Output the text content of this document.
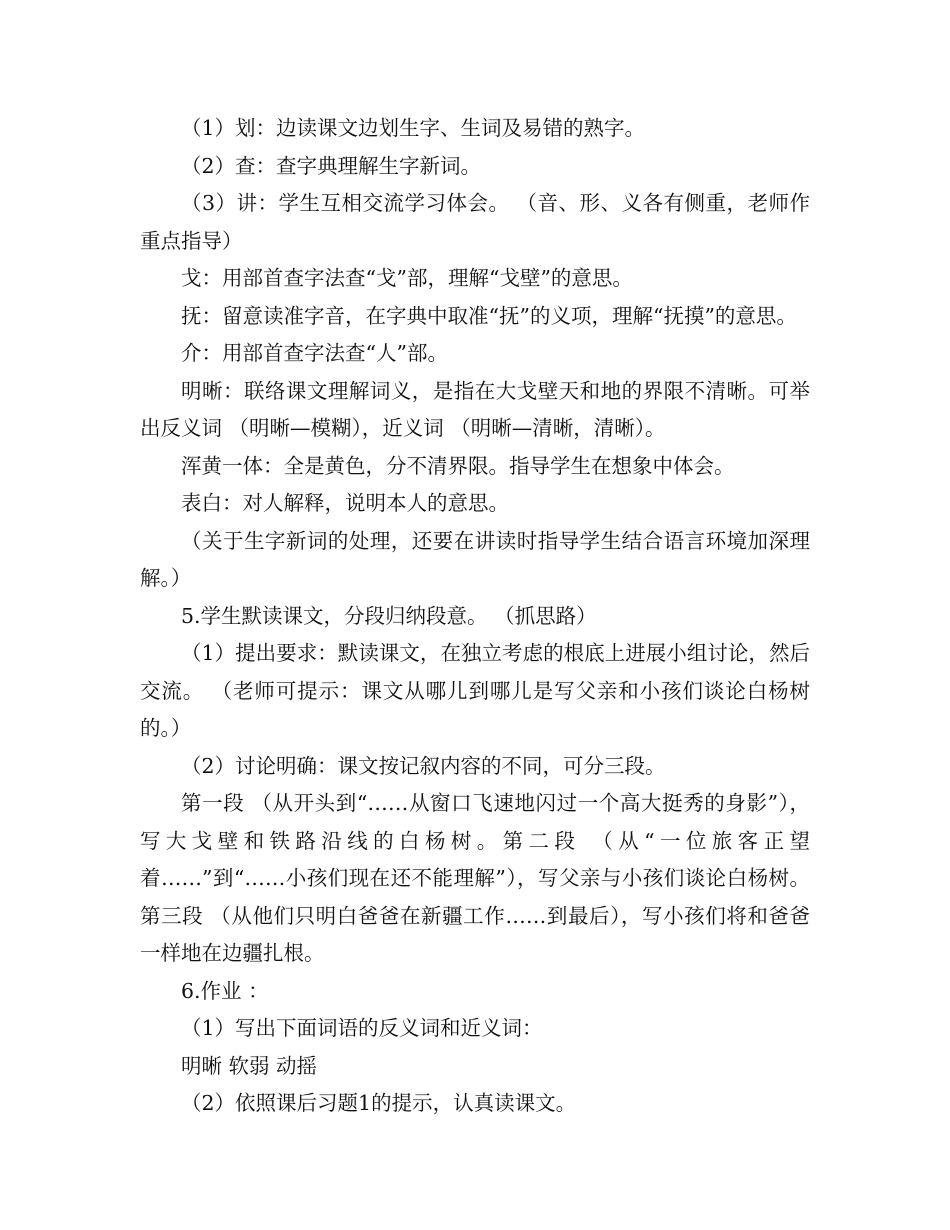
（1）划：边读课文边划生字、生词及易错的熟字。

（2）查：查字典理解生字新词。

（3）讲：学生互相交流学习体会。 （音、形、义各有侧重，老师作重点指导）

戈：用部首查字法查“戈”部，理解“戈壁”的意思。

抚：留意读准字音，在字典中取准“抚”的义项，理解“抚摸”的意思。

介：用部首查字法查“人”部。

明晰：联络课文理解词义，是指在大戈壁天和地的界限不清晰。可举出反义词 （明晰—模糊），近义词 （明晰—清晰，清晰）。

浑黄一体：全是黄色，分不清界限。指导学生在想象中体会。

表白：对人解释，说明本人的意思。

（关于生字新词的处理，还要在讲读时指导学生结合语言环境加深理解。）

5.学生默读课文，分段归纳段意。 （抓思路）

（1）提出要求：默读课文，在独立考虑的根底上进展小组讨论，然后交流。 （老师可提示：课文从哪儿到哪儿是写父亲和小孩们谈论白杨树的。）

（2）讨论明确：课文按记叙内容的不同，可分三段。

第一段 （从开头到“……从窗口飞速地闪过一个高大挺秀的身影”），写大戈壁和铁路沿线的白杨树。第二段 （从“一位旅客正望着……”到“……小孩们现在还不能理解”），写父亲与小孩们谈论白杨树。第三段 （从他们只明白爸爸在新疆工作……到最后），写小孩们将和爸爸一样地在边疆扎根。

6.作业 ：

（1）写出下面词语的反义词和近义词：

明晰 软弱 动摇

（2）依照课后习题1的提示，认真读课文。
